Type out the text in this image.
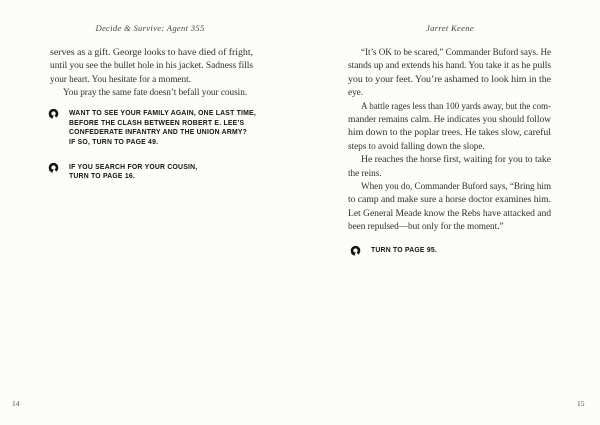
Decide & Survive: Agent 355	Jarret Keene
serves as a gift. George looks to have died of fright,
until you see the bullet hole in his jacket. Sadness fills
your heart. You hesitate for a moment.
You pray the same fate doesn’t befall your cousin.
“It’s OK to be scared,” Commander Buford says. He
stands up and extends his hand. You take it as he pulls
you to your feet. You’re ashamed to look him in the
eye.
A battle rages less than 100 yards away, but the com-
mander remains calm. He indicates you should follow
him down to the poplar trees. He takes slow, careful
steps to avoid falling down the slope.
He reaches the horse first, waiting for you to take
the reins.
When you do, Commander Buford says, “Bring him
to camp and make sure a horse doctor examines him.
Let General Meade know the Rebs have attacked and
been repulsed—but only for the moment.”
WANT TO SEE YOUR FAMILY AGAIN, ONE LAST TIME,
BEFORE THE CLASH BETWEEN ROBERT E. LEE’S
CONFEDERATE INFANTRY AND THE UNION ARMY?
IF SO, TURN TO PAGE 49.
IF YOU SEARCH FOR YOUR COUSIN,
TURN TO PAGE 16.
TURN TO PAGE 95.
14	15
